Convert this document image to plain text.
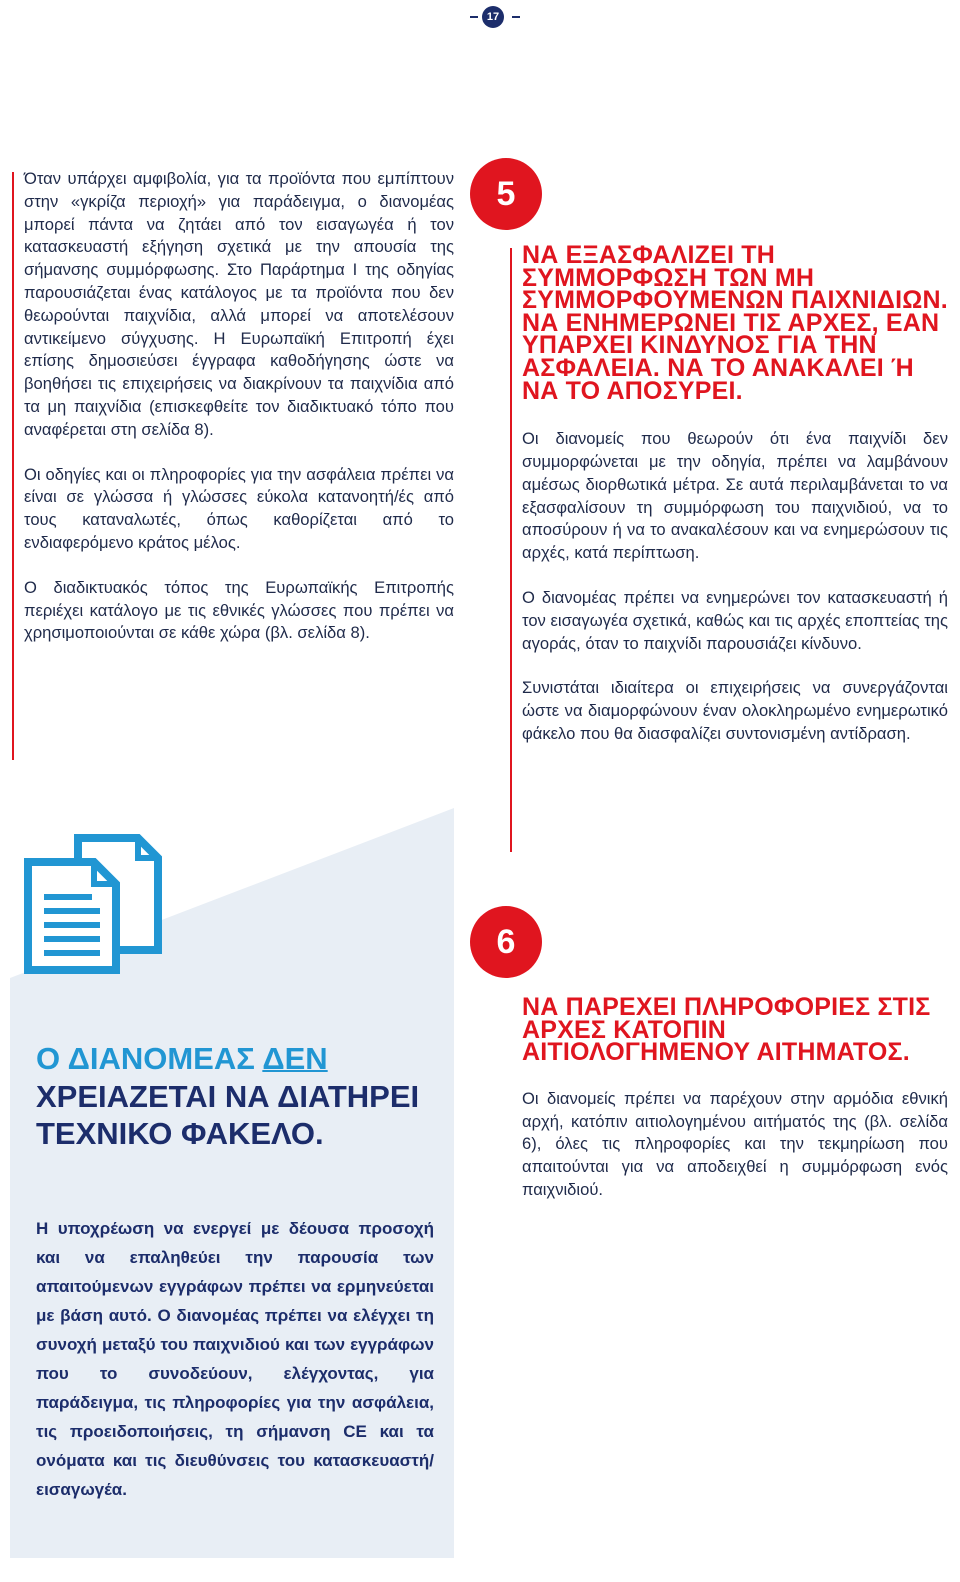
17

Όταν υπάρχει αμφιβολία, για τα προϊόντα που εμπίπτουν στην «γκρίζα περιοχή» για παράδειγμα, ο διανομέας μπορεί πάντα να ζητάει από τον εισαγωγέα ή τον κατασκευαστή εξήγηση σχετικά με την απουσία της σήμανσης συμμόρφωσης. Στο Παράρτημα Ι της οδηγίας παρουσιάζεται ένας κατάλογος με τα προϊόντα που δεν θεωρούνται παιχνίδια, αλλά μπορεί να αποτελέσουν αντικείμενο σύγχυσης. Η Ευρωπαϊκή Επιτροπή έχει επίσης δημοσιεύσει έγγραφα καθοδήγησης ώστε να βοηθήσει τις επιχειρήσεις να διακρίνουν τα παιχνίδια από τα μη παιχνίδια (επισκεφθείτε τον διαδικτυακό τόπο που αναφέρεται στη σελίδα 8).

Οι οδηγίες και οι πληροφορίες για την ασφάλεια πρέπει να είναι σε γλώσσα ή γλώσσες εύκολα κατανοητή/ές από τους καταναλωτές, όπως καθορίζεται από το ενδιαφερόμενο κράτος μέλος.

Ο διαδικτυακός τόπος της Ευρωπαϊκής Επιτροπής περιέχει κατάλογο με τις εθνικές γλώσσες που πρέπει να χρησιμοποιούνται σε κάθε χώρα (βλ. σελίδα 8).

5
ΝΑ ΕΞΑΣΦΑΛΙΖΕΙ ΤΗ ΣΥΜΜΟΡΦΩΣΗ ΤΩΝ ΜΗ ΣΥΜΜΟΡΦΟΥΜΕΝΩΝ ΠΑΙΧΝΙΔΙΩΝ. ΝΑ ΕΝΗΜΕΡΩΝΕΙ ΤΙΣ ΑΡΧΕΣ, ΕΑΝ ΥΠΑΡΧΕΙ ΚΙΝΔΥΝΟΣ ΓΙΑ ΤΗΝ ΑΣΦΑΛΕΙΑ. ΝΑ ΤΟ ΑΝΑΚΑΛΕΙ Ή ΝΑ ΤΟ ΑΠΟΣΥΡΕΙ.

Οι διανομείς που θεωρούν ότι ένα παιχνίδι δεν συμμορφώνεται με την οδηγία, πρέπει να λαμβάνουν αμέσως διορθωτικά μέτρα. Σε αυτά περιλαμβάνεται το να εξασφαλίσουν τη συμμόρφωση του παιχνιδιού, να το αποσύρουν ή να το ανακαλέσουν και να ενημερώσουν τις αρχές, κατά περίπτωση.

Ο διανομέας πρέπει να ενημερώνει τον κατασκευαστή ή τον εισαγωγέα σχετικά, καθώς και τις αρχές εποπτείας της αγοράς, όταν το παιχνίδι παρουσιάζει κίνδυνο.

Συνιστάται ιδιαίτερα οι επιχειρήσεις να συνεργάζονται ώστε να διαμορφώνουν έναν ολοκληρωμένο ενημερωτικό φάκελο που θα διασφαλίζει συντονισμένη αντίδραση.

6
ΝΑ ΠΑΡΕΧΕΙ ΠΛΗΡΟΦΟΡΙΕΣ ΣΤΙΣ ΑΡΧΕΣ ΚΑΤΟΠΙΝ ΑΙΤΙΟΛΟΓΗΜΕΝΟΥ ΑΙΤΗΜΑΤΟΣ.

Οι διανομείς πρέπει να παρέχουν στην αρμόδια εθνική αρχή, κατόπιν αιτιολογημένου αιτήματός της (βλ. σελίδα 6), όλες τις πληροφορίες και την τεκμηρίωση που απαιτούνται για να αποδειχθεί η συμμόρφωση ενός παιχνιδιού.

Ο ΔΙΑΝΟΜΕΑΣ ΔΕΝ ΧΡΕΙΑΖΕΤΑΙ ΝΑ ΔΙΑΤΗΡΕΙ ΤΕΧΝΙΚΟ ΦΑΚΕΛΟ.
Η υποχρέωση να ενεργεί με δέουσα προσοχή και να επαληθεύει την παρουσία των απαιτούμενων εγγράφων πρέπει να ερμηνεύεται με βάση αυτό. Ο διανομέας πρέπει να ελέγχει τη συνοχή μεταξύ του παιχνιδιού και των εγγράφων που το συνοδεύουν, ελέγχοντας, για παράδειγμα, τις πληροφορίες για την ασφάλεια, τις προειδοποιήσεις, τη σήμανση CE και τα ονόματα και τις διευθύνσεις του κατασκευαστή/εισαγωγέα.
